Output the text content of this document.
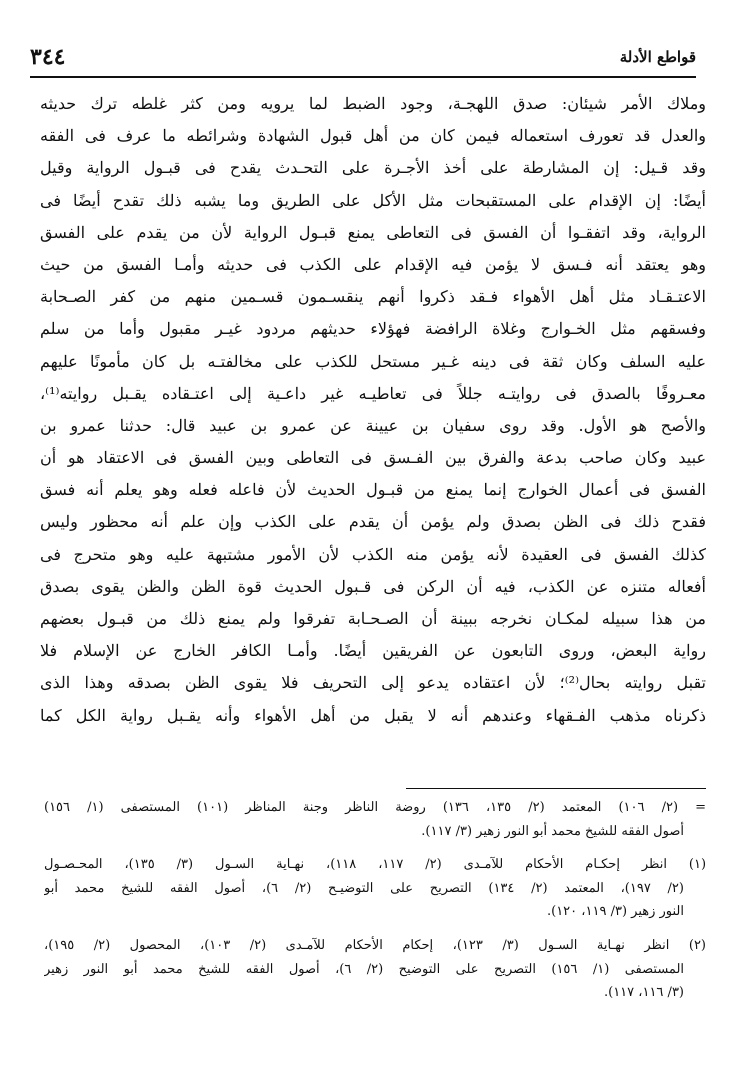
٣٤٤	قواطع الأدلة
وملاك الأمر شيئان: صدق اللهجـة، وجود الضبط لما يرويه ومن كثر غلطه ترك حديثه
والعدل قد تعورف استعماله فيمن كان من أهل قبول الشهادة وشرائطه ما عرف فى الفقه
وقد قـيل: إن المشارطة على أخذ الأجـرة على التحـدث يقدح فى قبـول الرواية وقيل
أيضًا: إن الإقدام على المستقبحات مثل الأكل على الطريق وما يشبه ذلك تقدح أيضًا فى
الرواية، وقد اتفقـوا أن الفسق فى التعاطى يمنع قبـول الرواية لأن من يقدم على الفسق
وهو يعتقد أنه فـسق لا يؤمن فيه الإقدام على الكذب فى حديثه وأمـا الفسق من حيث
الاعتـقـاد مثل أهل الأهواء فـقد ذكروا أنهم ينقسـمون قسـمين منهم من كفر الصـحابة
وفسقهم مثل الخـوارج وغلاة الرافضة فهؤلاء حديثهم مردود غيـر مقبول وأما من سلم
عليه السلف وكان ثقة فى دينه غـير مستحل للكذب على مخالفتـه بل كان مأمونًا عليهم
معـروفًا بالصدق فى روايتـه جللاً فى تعاطيـه غير داعـية إلى اعتـقاده يقـبل روايته⁽¹⁾،
والأصح هو الأول. وقد روى سفيان بن عيينة عن عمرو بن عبيد قال: حدثنا عمرو بن
عبيد وكان صاحب بدعة والفرق بين الفـسق فى التعاطى وبين الفسق فى الاعتقاد هو أن
الفسق فى أعمال الخوارج إنما يمنع من قبـول الحديث لأن فاعله فعله وهو يعلم أنه فسق
فقدح ذلك فى الظن بصدق ولم يؤمن أن يقدم على الكذب وإن علم أنه محظور وليس
كذلك الفسق فى العقيدة لأنه يؤمن منه الكذب لأن الأمور مشتبهة عليه وهو متحرج فى
أفعاله متنزه عن الكذب، فيه أن الركن فى قـبول الحديث قوة الظن والظن يقوى بصدق
من هذا سبيله لمكـان نخرجه ببينة أن الصـحـابة تفرقوا ولم يمنع ذلك من قبـول بعضهم
رواية البعض، وروى التابعون عن الفريقين أيضًا. وأمـا الكافر الخارج عن الإسلام فلا
تقبل روايته بحال⁽²⁾؛ لأن اعتقاده يدعو إلى التحريف فلا يقوى الظن بصدقه وهذا الذى
ذكرناه مذهب الفـقهاء وعندهم أنه لا يقبل من أهل الأهواء وأنه يقـبل رواية الكل كما
= (٢/ ١٠٦) المعتمد (٢/ ١٣٥، ١٣٦) روضة الناظر وجنة المناظر (١٠١) المستصفى (١/ ١٥٦)
أصول الفقه للشيخ محمد أبو النور زهير (٣/ ١١٧).
(١) انظر إحكـام الأحكام للآمـدى (٢/ ١١٧، ١١٨)، نهـاية السـول (٣/ ١٣٥)، المحـصـول
(٢/ ١٩٧)، المعتمد (٢/ ١٣٤) التصريح على التوضيـح (٢/ ٦)، أصول الفقه للشيخ محمد أبو
النور زهير (٣/ ١١٩، ١٢٠).
(٢) انظر نهـاية السـول (٣/ ١٢٣)، إحكام الأحكام للآمـدى (٢/ ١٠٣)، المحصول (٢/ ١٩٥)،
المستصفى (١/ ١٥٦) التصريح على التوضيح (٢/ ٦)، أصول الفقه للشيخ محمد أبو النور زهير
(٣/ ١١٦، ١١٧).
